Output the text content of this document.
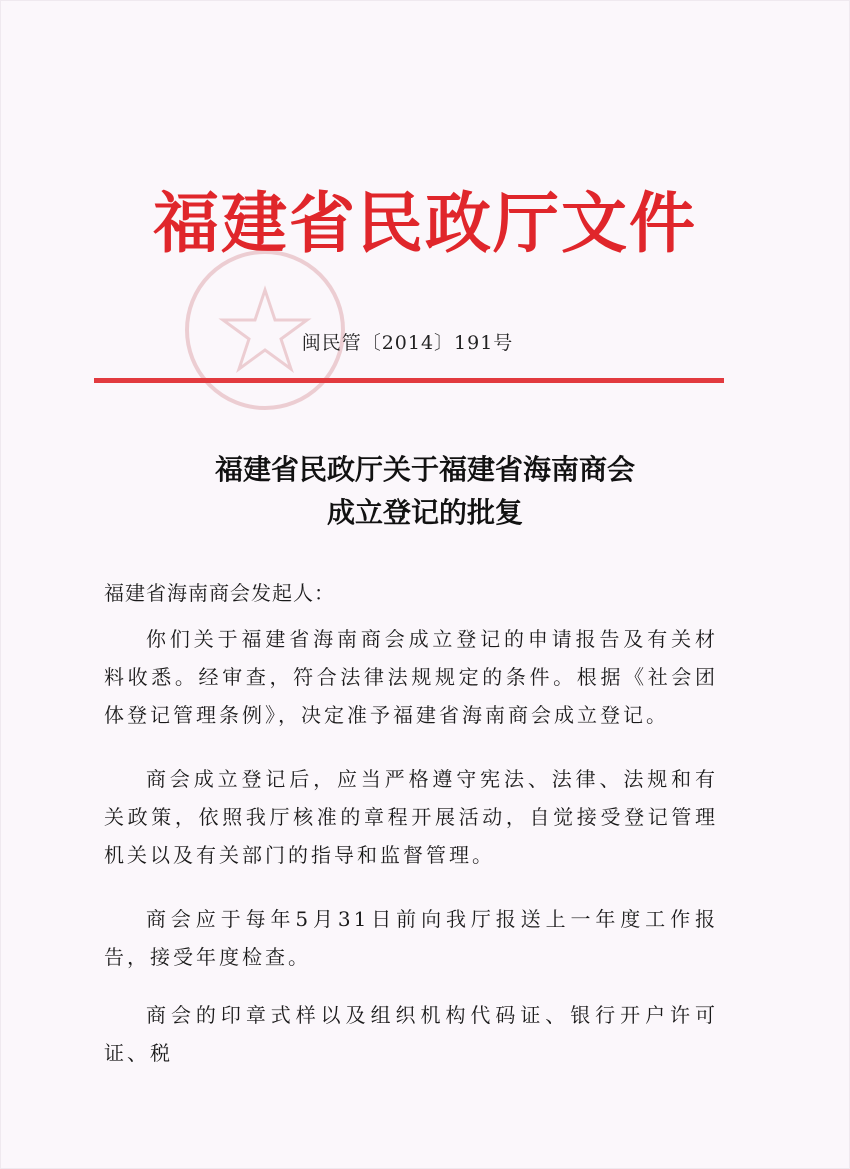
福建省民政厅文件
闽民管〔2014〕191号
福建省民政厅关于福建省海南商会
成立登记的批复
福建省海南商会发起人：

你们关于福建省海南商会成立登记的申请报告及有关材料收悉。经审查，符合法律法规规定的条件。根据《社会团体登记管理条例》，决定准予福建省海南商会成立登记。

商会成立登记后，应当严格遵守宪法、法律、法规和有关政策，依照我厅核准的章程开展活动，自觉接受登记管理机关以及有关部门的指导和监督管理。

商会应于每年5月31日前向我厅报送上一年度工作报告，接受年度检查。

商会的印章式样以及组织机构代码证、银行开户许可证、税
